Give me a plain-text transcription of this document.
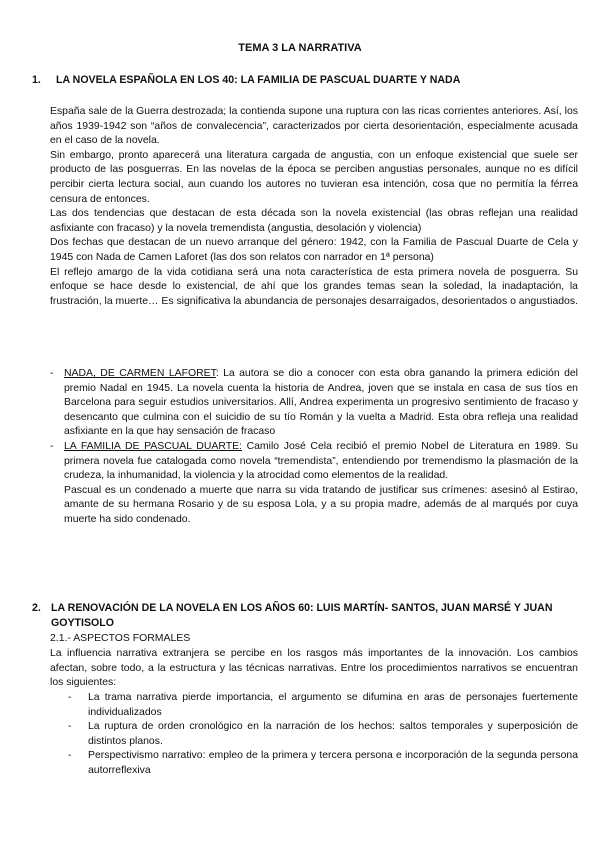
TEMA 3 LA NARRATIVA
1. LA NOVELA ESPAÑOLA EN LOS 40: LA FAMILIA DE PASCUAL DUARTE Y NADA

España sale de la Guerra destrozada; la contienda supone una ruptura con las ricas corrientes anteriores. Así, los años 1939-1942 son “años de convalecencia”, caracterizados por cierta desorientación, especialmente acusada en el caso de la novela.

Sin embargo, pronto aparecerá una literatura cargada de angustia, con un enfoque existencial que suele ser producto de las posguerras. En las novelas de la época se perciben angustias personales, aunque no es difícil percibir cierta lectura social, aun cuando los autores no tuvieran esa intención, cosa que no permitía la férrea censura de entonces.

Las dos tendencias que destacan de esta década son la novela existencial (las obras reflejan una realidad asfixiante con fracaso) y la novela tremendista (angustia, desolación y violencia)

Dos fechas que destacan de un nuevo arranque del género: 1942, con la Familia de Pascual Duarte de Cela y 1945 con Nada de Camen Laforet (las dos son relatos con narrador en 1ª persona)

El reflejo amargo de la vida cotidiana será una nota característica de esta primera novela de posguerra. Su enfoque se hace desde lo existencial, de ahí que los grandes temas sean la soledad, la inadaptación, la frustración, la muerte… Es significativa la abundancia de personajes desarraigados, desorientados o angustiados.

- NADA, DE CARMEN LAFORET: La autora se dio a conocer con esta obra ganando la primera edición del premio Nadal en 1945. La novela cuenta la historia de Andrea, joven que se instala en casa de sus tíos en Barcelona para seguir estudios universitarios. Allí, Andrea experimenta un progresivo sentimiento de fracaso y desencanto que culmina con el suicidio de su tío Román y la vuelta a Madrid. Esta obra refleja una realidad asfixiante en la que hay sensación de fracaso
- LA FAMILIA DE PASCUAL DUARTE: Camilo José Cela recibió el premio Nobel de Literatura en 1989. Su primera novela fue catalogada como novela “tremendista”, entendiendo por tremendismo la plasmación de la crudeza, la inhumanidad, la violencia y la atrocidad como elementos de la realidad.
Pascual es un condenado a muerte que narra su vida tratando de justificar sus crímenes: asesinó al Estirao, amante de su hermana Rosario y de su esposa Lola, y a su propia madre, además de al marqués por cuya muerte ha sido condenado.
2. LA RENOVACIÓN DE LA NOVELA EN LOS AÑOS 60: LUIS MARTÍN- SANTOS, JUAN MARSÉ Y JUAN GOYTISOLO
2.1.- ASPECTOS FORMALES

La influencia narrativa extranjera se percibe en los rasgos más importantes de la innovación. Los cambios afectan, sobre todo, a la estructura y las técnicas narrativas. Entre los procedimientos narrativos se encuentran los siguientes:

- La trama narrativa pierde importancia, el argumento se difumina en aras de personajes fuertemente individualizados
- La ruptura de orden cronológico en la narración de los hechos: saltos temporales y superposición de distintos planos.
- Perspectivismo narrativo: empleo de la primera y tercera persona e incorporación de la segunda persona autorreflexiva
